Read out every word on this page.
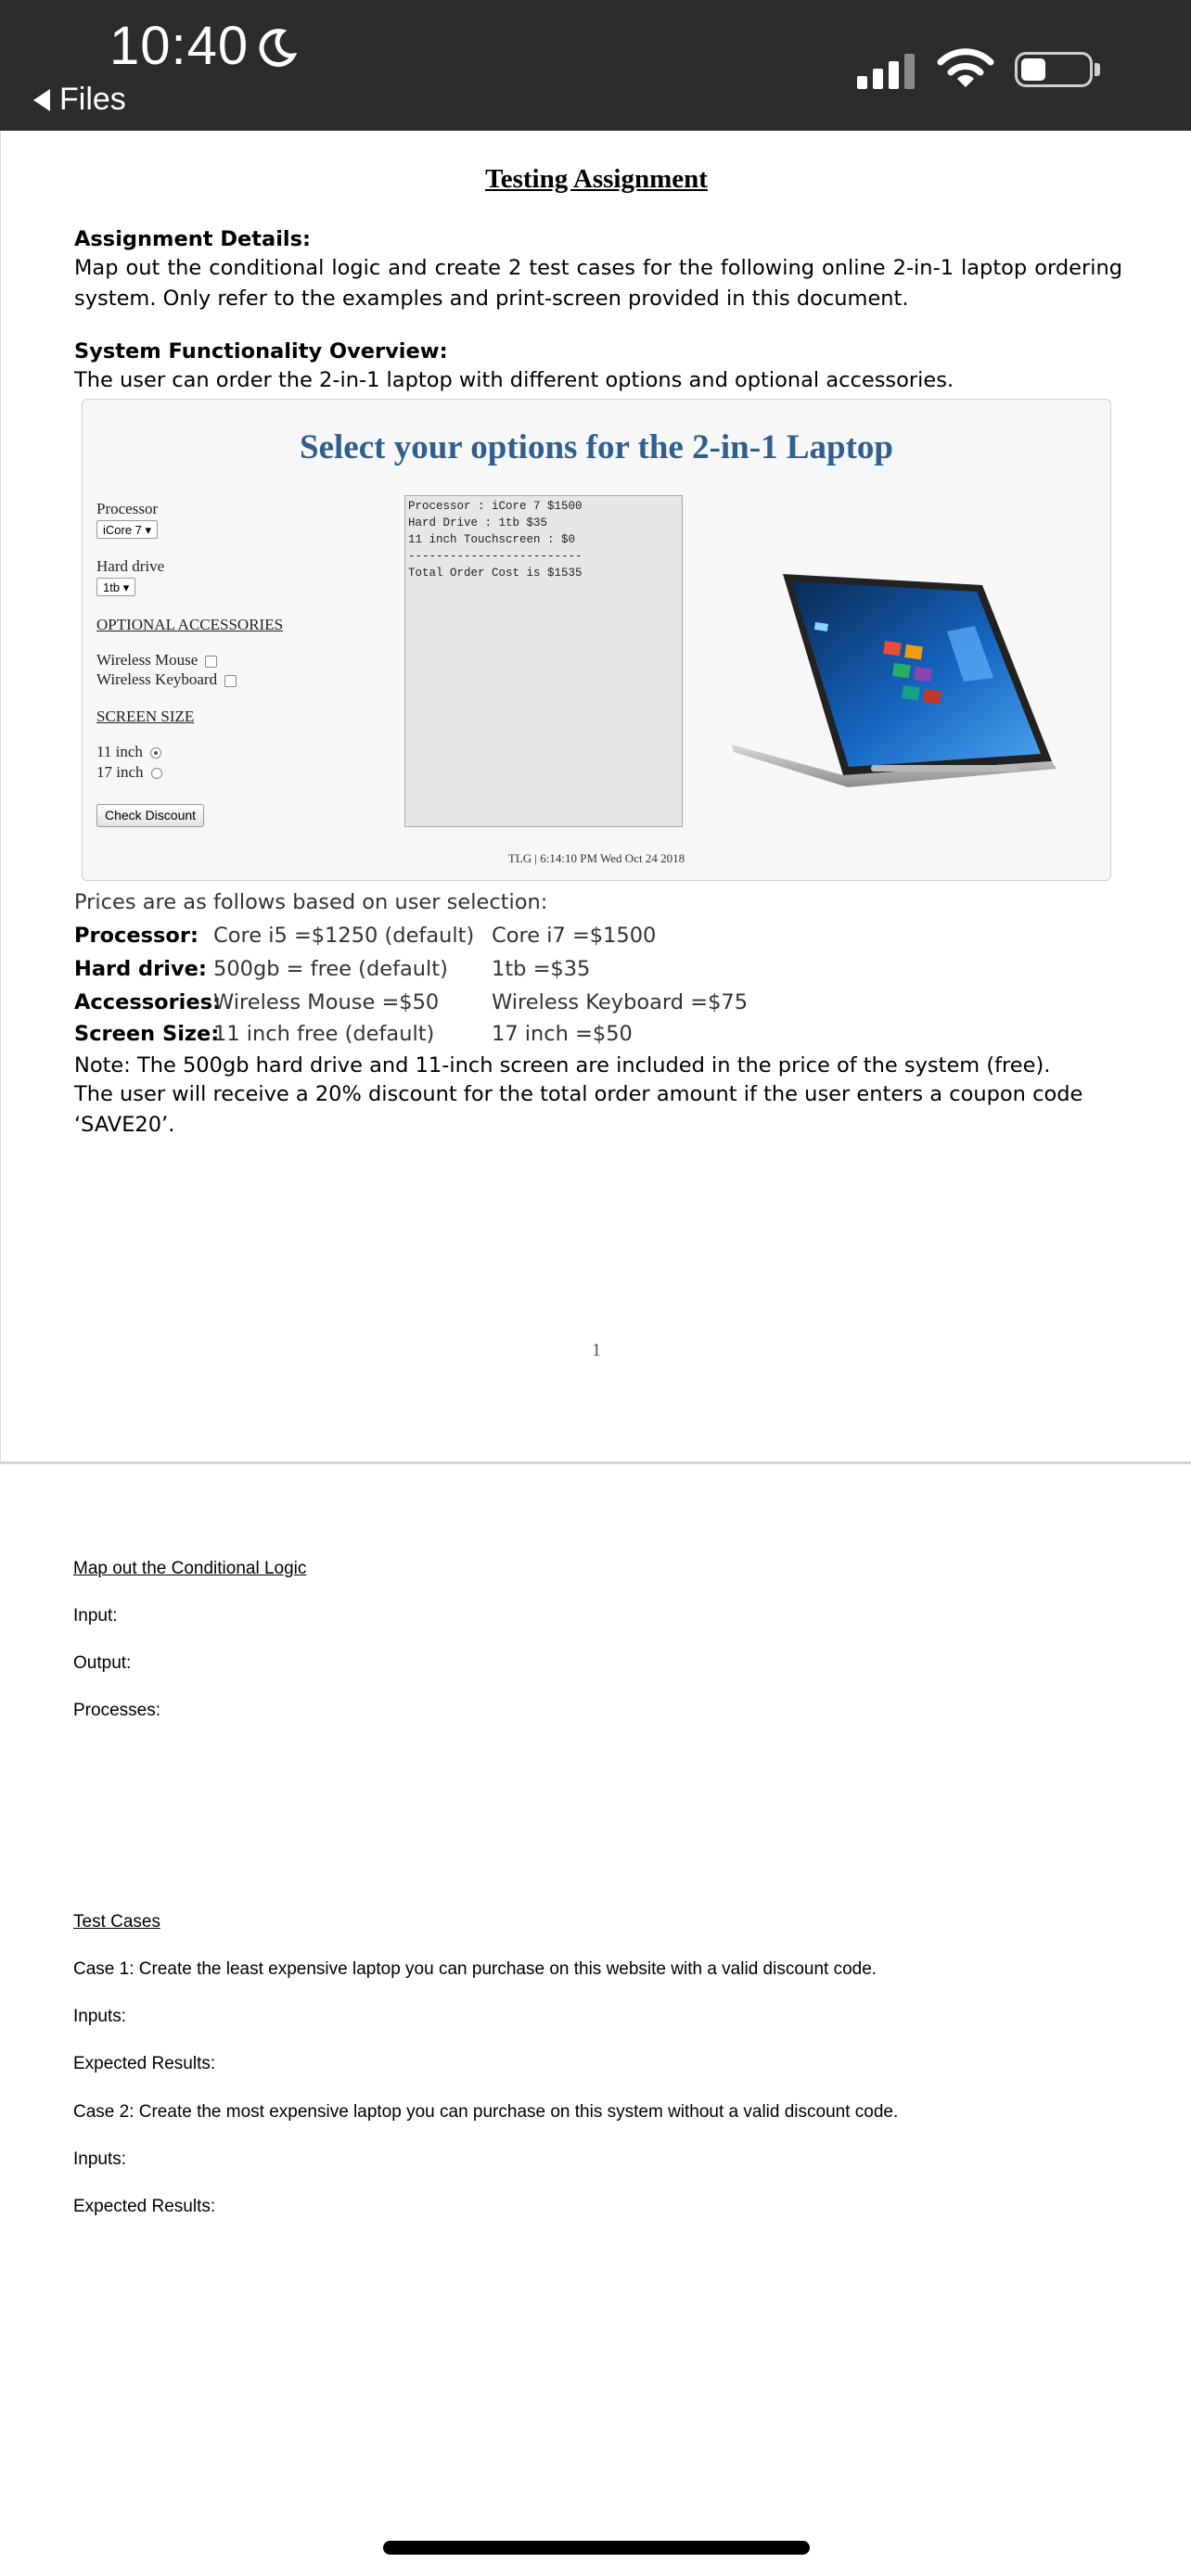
10:40
Files
Testing Assignment
Assignment Details:
Map out the conditional logic and create 2 test cases for the following online 2-in-1 laptop ordering system. Only refer to the examples and print-screen provided in this document.
System Functionality Overview:
The user can order the 2-in-1 laptop with different options and optional accessories.
Select your options for the 2-in-1 Laptop
Processor
iCore 7 ▾
Hard drive
1tb ▾
OPTIONAL ACCESSORIES
Wireless Mouse
Wireless Keyboard
SCREEN SIZE
11 inch
17 inch
Check Discount
Processor : iCore 7 $1500
Hard Drive : 1tb $35
11 inch Touchscreen : $0
-------------------------
Total Order Cost is $1535
TLG | 6:14:10 PM Wed Oct 24 2018
Prices are as follows based on user selection:
Processor: Core i5 =$1250 (default) Core i7 =$1500
Hard drive: 500gb = free (default) 1tb =$35
Accessories:
Wireless Mouse =$50	Wireless Keyboard =$75
Screen Size:
11 inch free (default)	17 inch =$50
Note: The 500gb hard drive and 11-inch screen are included in the price of the system (free).
The user will receive a 20% discount for the total order amount if the user enters a coupon code ‘SAVE20’.
1
Map out the Conditional Logic
Input:
Output:
Processes:
Test Cases
Case 1: Create the least expensive laptop you can purchase on this website with a valid discount code.
Inputs:
Expected Results:
Case 2: Create the most expensive laptop you can purchase on this system without a valid discount code.
Inputs:
Expected Results:
